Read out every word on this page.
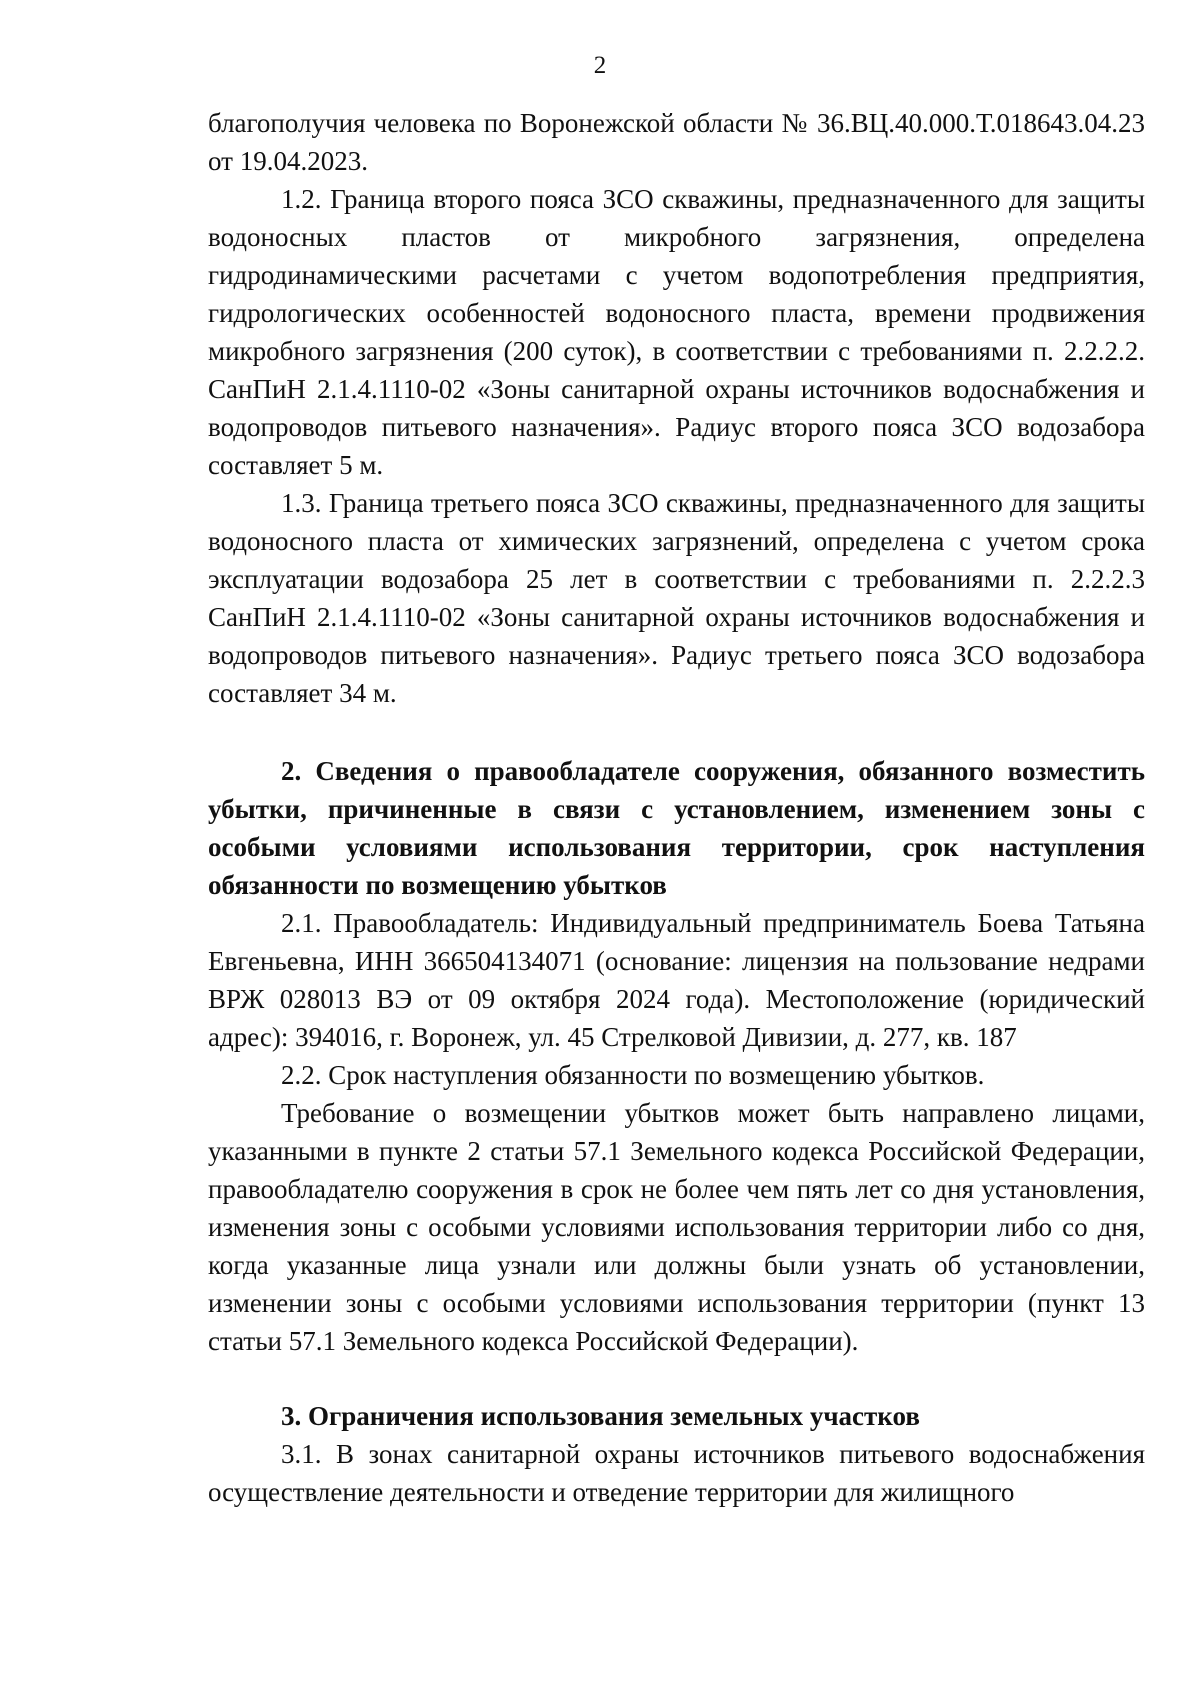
2

благополучия человека по Воронежской области № 36.ВЦ.40.000.Т.018643.04.23 от 19.04.2023.

1.2. Граница второго пояса ЗСО скважины, предназначенного для защиты водоносных пластов от микробного загрязнения, определена гидродинамическими расчетами с учетом водопотребления предприятия, гидрологических особенностей водоносного пласта, времени продвижения микробного загрязнения (200 суток), в соответствии с требованиями п. 2.2.2.2. СанПиН 2.1.4.1110-02 «Зоны санитарной охраны источников водоснабжения и водопроводов питьевого назначения». Радиус второго пояса ЗСО водозабора составляет 5 м.

1.3. Граница третьего пояса ЗСО скважины, предназначенного для защиты водоносного пласта от химических загрязнений, определена с учетом срока эксплуатации водозабора 25 лет в соответствии с требованиями п. 2.2.2.3 СанПиН 2.1.4.1110-02 «Зоны санитарной охраны источников водоснабжения и водопроводов питьевого назначения». Радиус третьего пояса ЗСО водозабора составляет 34 м.

2. Сведения о правообладателе сооружения, обязанного возместить убытки, причиненные в связи с установлением, изменением зоны с особыми условиями использования территории, срок наступления обязанности по возмещению убытков

2.1. Правообладатель: Индивидуальный предприниматель Боева Татьяна Евгеньевна, ИНН 366504134071 (основание: лицензия на пользование недрами ВРЖ 028013 ВЭ от 09 октября 2024 года). Местоположение (юридический адрес): 394016, г. Воронеж, ул. 45 Стрелковой Дивизии, д. 277, кв. 187

2.2. Срок наступления обязанности по возмещению убытков.

Требование о возмещении убытков может быть направлено лицами, указанными в пункте 2 статьи 57.1 Земельного кодекса Российской Федерации, правообладателю сооружения в срок не более чем пять лет со дня установления, изменения зоны с особыми условиями использования территории либо со дня, когда указанные лица узнали или должны были узнать об установлении, изменении зоны с особыми условиями использования территории (пункт 13 статьи 57.1 Земельного кодекса Российской Федерации).

3. Ограничения использования земельных участков

3.1. В зонах санитарной охраны источников питьевого водоснабжения осуществление деятельности и отведение территории для жилищного
